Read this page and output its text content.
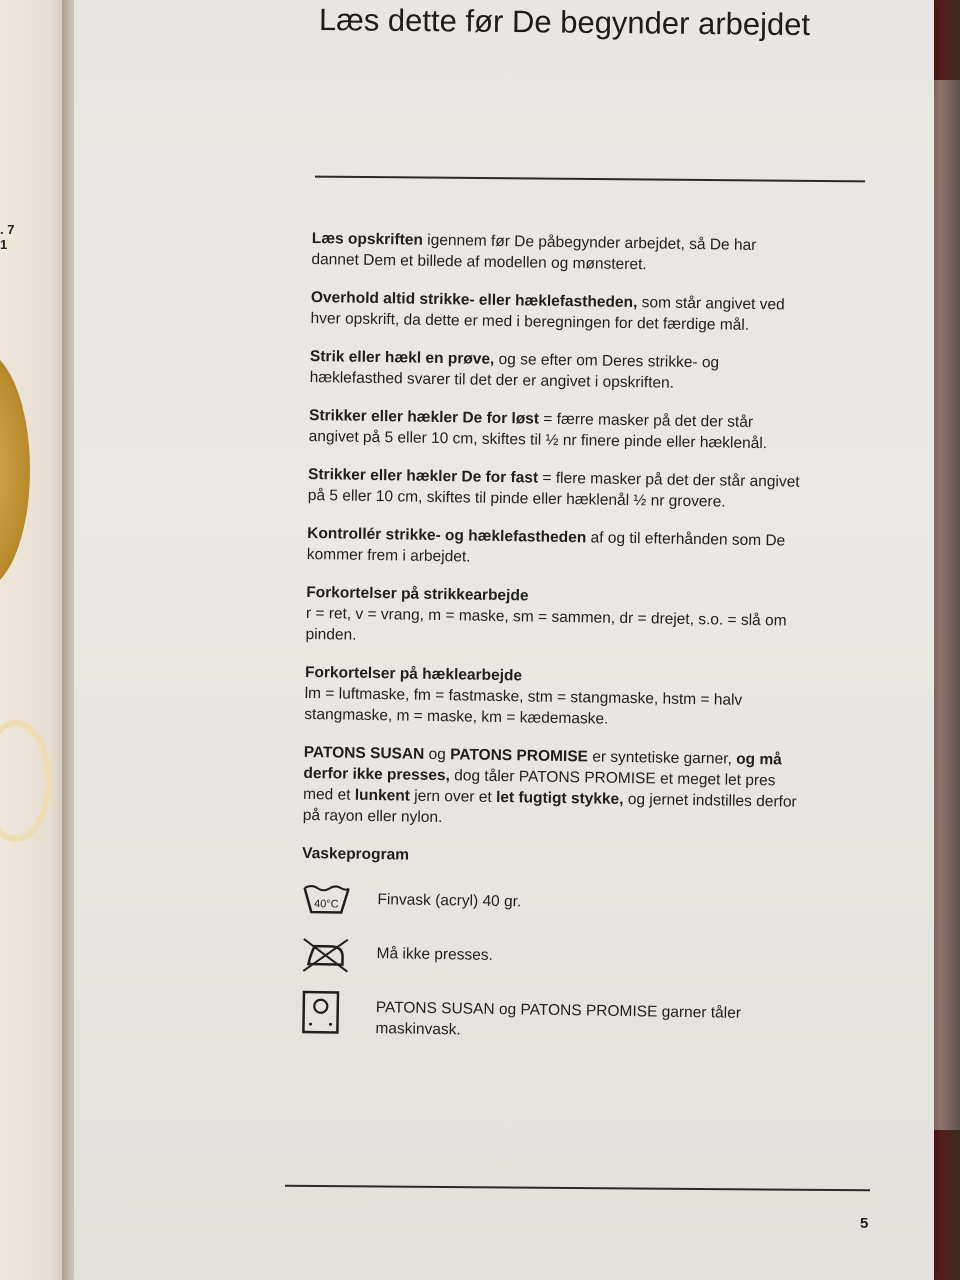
. 7
1
Læs dette før De begynder arbejdet

Læs opskriften igennem før De påbegynder arbejdet, så De har dannet Dem et billede af modellen og mønsteret.

Overhold altid strikke- eller hæklefastheden, som står angivet ved hver opskrift, da dette er med i beregningen for det færdige mål.

Strik eller hækl en prøve, og se efter om Deres strikke- og hæklefasthed svarer til det der er angivet i opskriften.

Strikker eller hækler De for løst = færre masker på det der står angivet på 5 eller 10 cm, skiftes til ½ nr finere pinde eller hæklenål.

Strikker eller hækler De for fast = flere masker på det der står angivet på 5 eller 10 cm, skiftes til pinde eller hæklenål ½ nr grovere.

Kontrollér strikke- og hæklefastheden af og til efterhånden som De kommer frem i arbejdet.

Forkortelser på strikkearbejde
r = ret, v = vrang, m = maske, sm = sammen, dr = drejet, s.o. = slå om pinden.

Forkortelser på hæklearbejde
lm = luftmaske, fm = fastmaske, stm = stangmaske, hstm = halv stangmaske, m = maske, km = kædemaske.

PATONS SUSAN og PATONS PROMISE er syntetiske garner, og må derfor ikke presses, dog tåler PATONS PROMISE et meget let pres med et lunkent jern over et let fugtigt stykke, og jernet indstilles derfor på rayon eller nylon.

Vaskeprogram

40°C Finvask (acryl) 40 gr.
Må ikke presses.
PATONS SUSAN og PATONS PROMISE garner tåler maskinvask.
5
